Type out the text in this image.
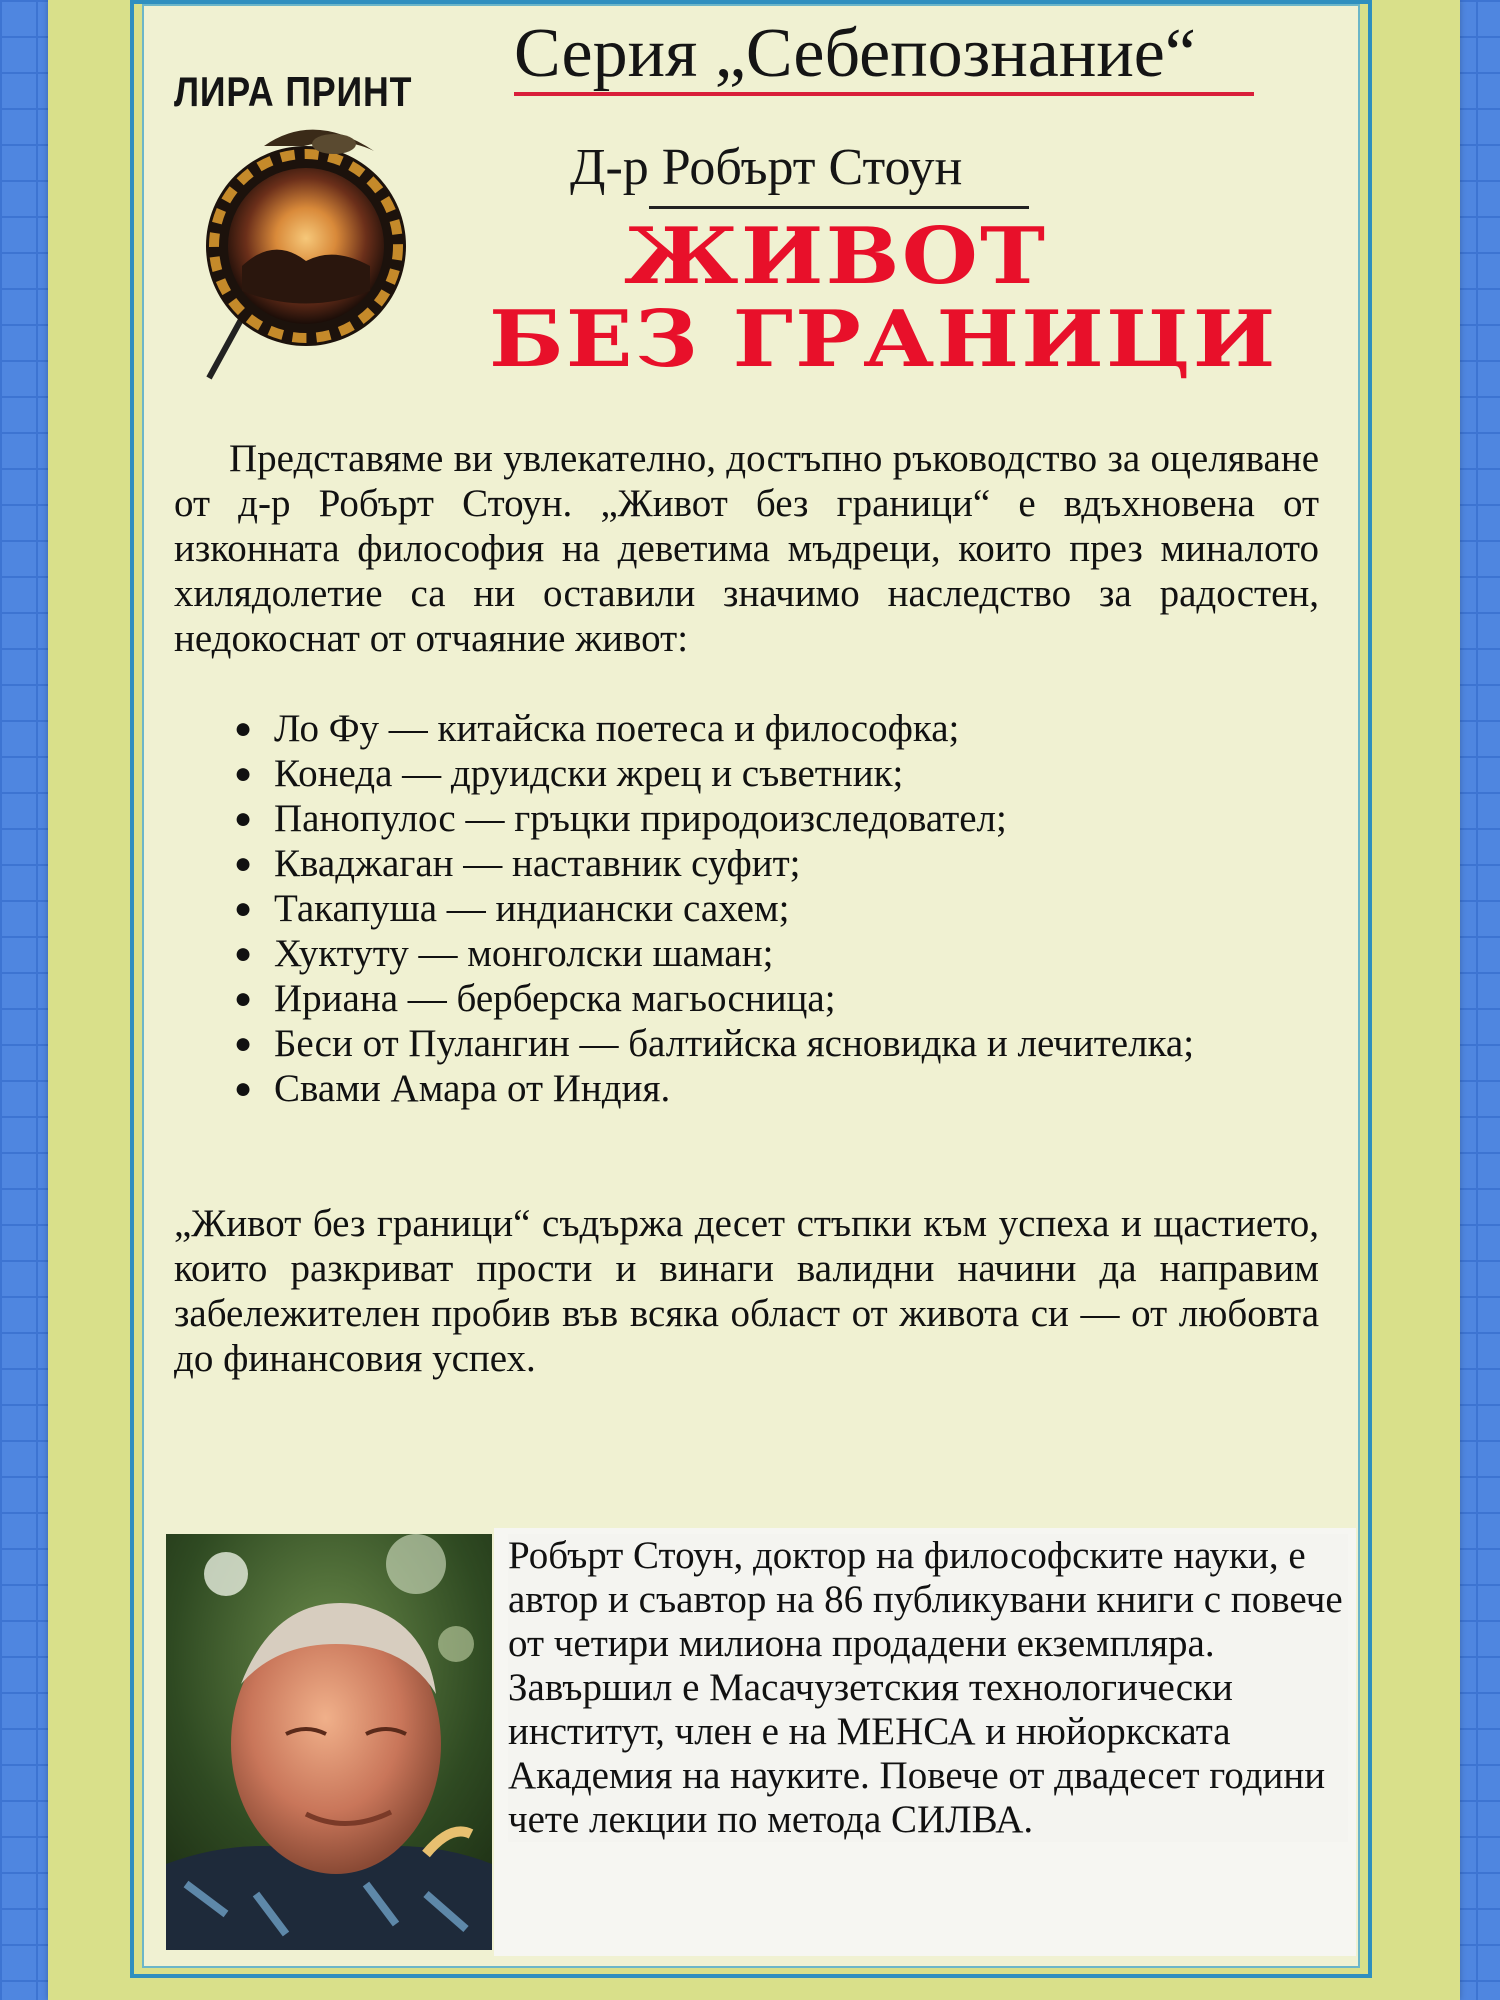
ЛИРА ПРИНТ Серия „Себепознание“
Д-р Робърт Стоун
ЖИВОТ
БЕЗ ГРАНИЦИ
Представяме ви увлекателно, достъпно ръководство за оцеляване от д-р Робърт Стоун. „Живот без граници“ е вдъхновена от изконната философия на деветима мъдреци, които през миналото хилядолетие са ни оставили значимо наследство за радостен, недокоснат от отчаяние живот:
● Ло Фу — китайска поетеса и философка;
● Конеда — друидски жрец и съветник;
● Панопулос — гръцки природоизследовател;
● Кваджаган — наставник суфит;
● Такапуша — индиански сахем;
● Хуктуту — монголски шаман;
● Ириана — берберска магьосница;
● Беси от Пулангин — балтийска ясновидка и лечителка;
● Свами Амара от Индия.
„Живот без граници“ съдържа десет стъпки към успеха и щастието, които разкриват прости и винаги валидни начини да направим забележителен пробив във всяка област от живота си — от любовта до финансовия успех.
Робърт Стоун, доктор на философските науки, е автор и съавтор на 86 публикувани книги с повече от четири милиона продадени екземпляра. Завършил е Масачузетския технологически институт, член е на МЕНСА и нюйоркската Академия на науките. Повече от двадесет години чете лекции по метода СИЛВА.
